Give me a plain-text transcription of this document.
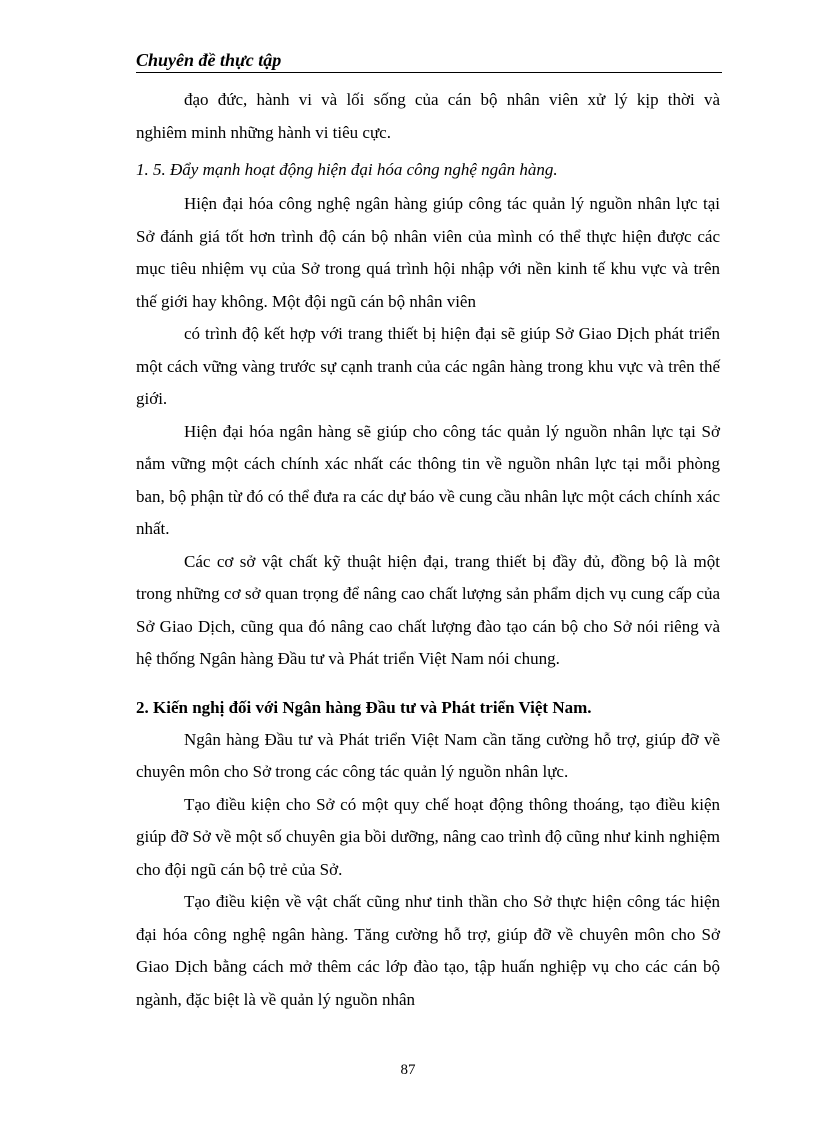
Chuyên đề thực tập

đạo đức, hành vi và lối sống của cán bộ nhân viên xử lý kịp thời và

nghiêm minh những hành vi tiêu cực.

1. 5. Đẩy mạnh hoạt động hiện đại hóa công nghệ ngân hàng.

Hiện đại hóa công nghệ ngân hàng giúp công tác quản lý nguồn nhân lực tại Sở đánh giá tốt hơn trình độ cán bộ nhân viên của mình có thể thực hiện được các mục tiêu nhiệm vụ của Sở trong quá trình hội nhập với nền kinh tế khu vực và trên thế giới hay không. Một đội ngũ cán bộ nhân viên

có trình độ kết hợp với trang thiết bị hiện đại sẽ giúp Sở Giao Dịch phát triển một cách vững vàng trước sự cạnh tranh của các ngân hàng trong khu vực và trên thế giới.

Hiện đại hóa ngân hàng sẽ giúp cho công tác quản lý nguồn nhân lực tại Sở nắm vững một cách chính xác nhất các thông tin về nguồn nhân lực tại mỗi phòng ban, bộ phận từ đó có thể đưa ra các dự báo về cung cầu nhân lực một cách chính xác nhất.

Các cơ sở vật chất kỹ thuật hiện đại, trang thiết bị đầy đủ, đồng bộ là một trong những cơ sở quan trọng để nâng cao chất lượng sản phẩm dịch vụ cung cấp của Sở Giao Dịch, cũng qua đó nâng cao chất lượng đào tạo cán bộ cho Sở nói riêng và hệ thống Ngân hàng Đầu tư và Phát triển Việt Nam nói chung.

2. Kiến nghị đối với Ngân hàng Đầu tư và Phát triển Việt Nam.

Ngân hàng Đầu tư và Phát triển Việt Nam cần tăng cường hỗ trợ, giúp đỡ về chuyên môn cho Sở trong các công tác quản lý nguồn nhân lực.

Tạo điều kiện cho Sở có một quy chế hoạt động thông thoáng, tạo điều kiện giúp đỡ Sở về một số chuyên gia bồi dưỡng, nâng cao trình độ cũng như kinh nghiệm cho đội ngũ cán bộ trẻ của Sở.

Tạo điều kiện về vật chất cũng như tinh thần cho Sở thực hiện công tác hiện đại hóa công nghệ ngân hàng. Tăng cường hỗ trợ, giúp đỡ về chuyên môn cho Sở Giao Dịch bằng cách mở thêm các lớp đào tạo, tập huấn nghiệp vụ cho các cán bộ ngành, đặc biệt là về quản lý nguồn nhân

87
